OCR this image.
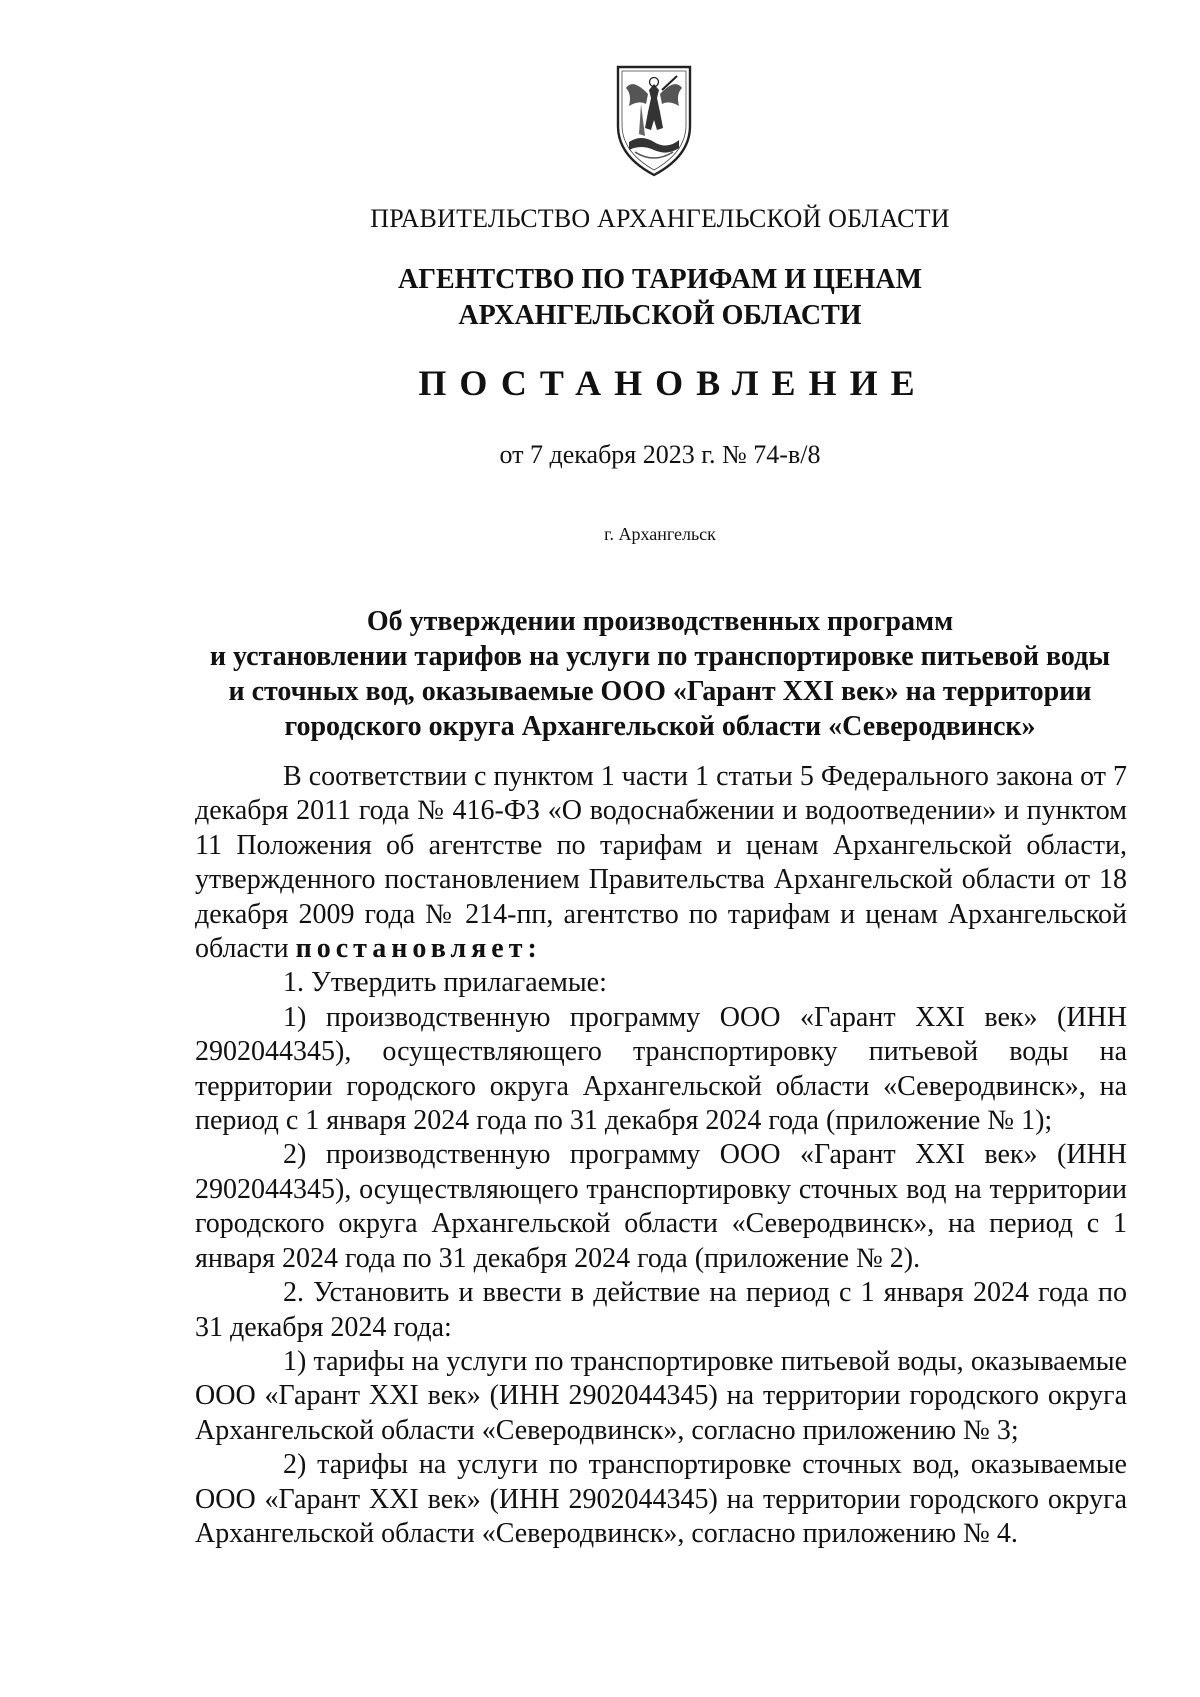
ПРАВИТЕЛЬСТВО АРХАНГЕЛЬСКОЙ ОБЛАСТИ
АГЕНТСТВО ПО ТАРИФАМ И ЦЕНАМ
АРХАНГЕЛЬСКОЙ ОБЛАСТИ
ПОСТАНОВЛЕНИЕ
от 7 декабря 2023 г. № 74-в/8
г. Архангельск
Об утверждении производственных программ
и установлении тарифов на услуги по транспортировке питьевой воды
и сточных вод, оказываемые ООО «Гарант XXI век» на территории
городского округа Архангельской области «Северодвинск»

В соответствии с пунктом 1 части 1 статьи 5 Федерального закона от 7 декабря 2011 года № 416-ФЗ «О водоснабжении и водоотведении» и пунктом 11 Положения об агентстве по тарифам и ценам Архангельской области, утвержденного постановлением Правительства Архангельской области от 18 декабря 2009 года № 214-пп, агентство по тарифам и ценам Архангельской области постановляет:

1. Утвердить прилагаемые:

1) производственную программу ООО «Гарант XXI век» (ИНН 2902044345), осуществляющего транспортировку питьевой воды на территории городского округа Архангельской области «Северодвинск», на период с 1 января 2024 года по 31 декабря 2024 года (приложение № 1);

2) производственную программу ООО «Гарант XXI век» (ИНН 2902044345), осуществляющего транспортировку сточных вод на территории городского округа Архангельской области «Северодвинск», на период с 1 января 2024 года по 31 декабря 2024 года (приложение № 2).

2. Установить и ввести в действие на период с 1 января 2024 года по 31 декабря 2024 года:

1) тарифы на услуги по транспортировке питьевой воды, оказываемые ООО «Гарант XXI век» (ИНН 2902044345) на территории городского округа Архангельской области «Северодвинск», согласно приложению № 3;

2) тарифы на услуги по транспортировке сточных вод, оказываемые ООО «Гарант XXI век» (ИНН 2902044345) на территории городского округа Архангельской области «Северодвинск», согласно приложению № 4.
